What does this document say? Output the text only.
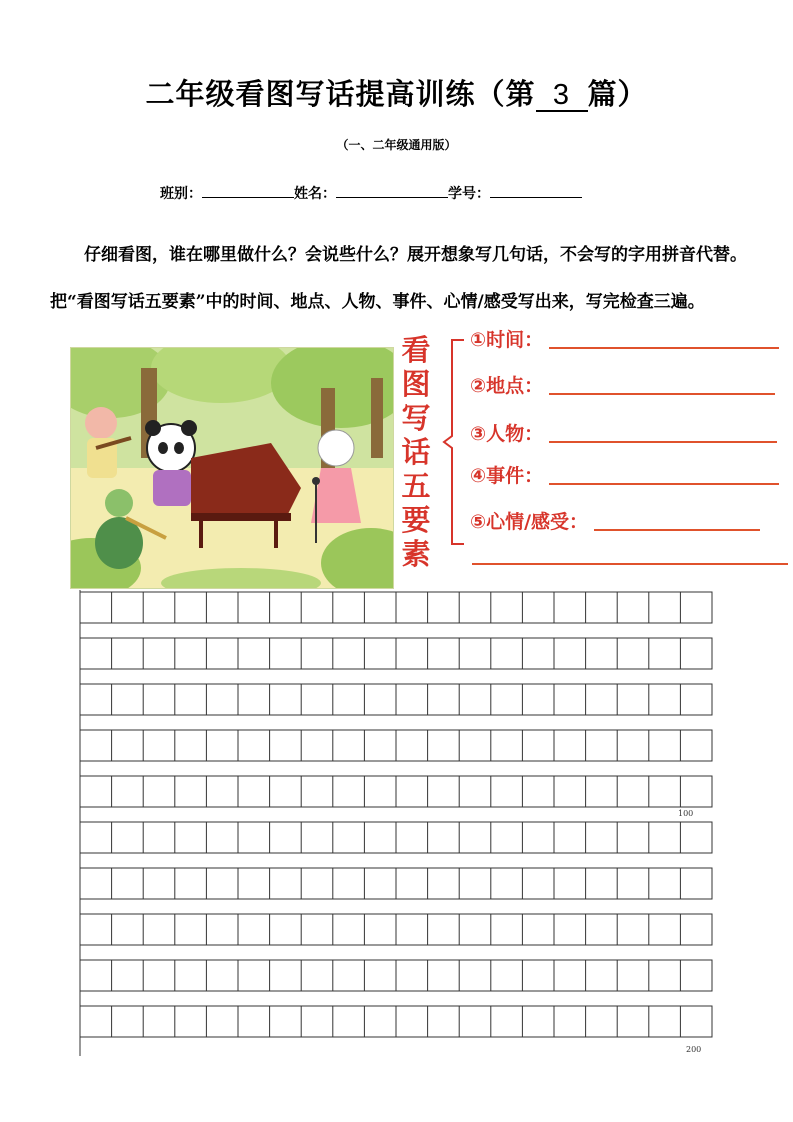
二年级看图写话提高训练（第 3 篇）
（一、二年级通用版）
班别：	姓名：	学号：
仔细看图，谁在哪里做什么？会说些什么？展开想象写几句话，不会写的字用拼音代替。把“看图写话五要素”中的时间、地点、人物、事件、心情/感受写出来，写完检查三遍。
看
图
写
话
五
要
素
①时间：
②地点：
③人物：
④事件：
⑤心情/感受：
100
200
